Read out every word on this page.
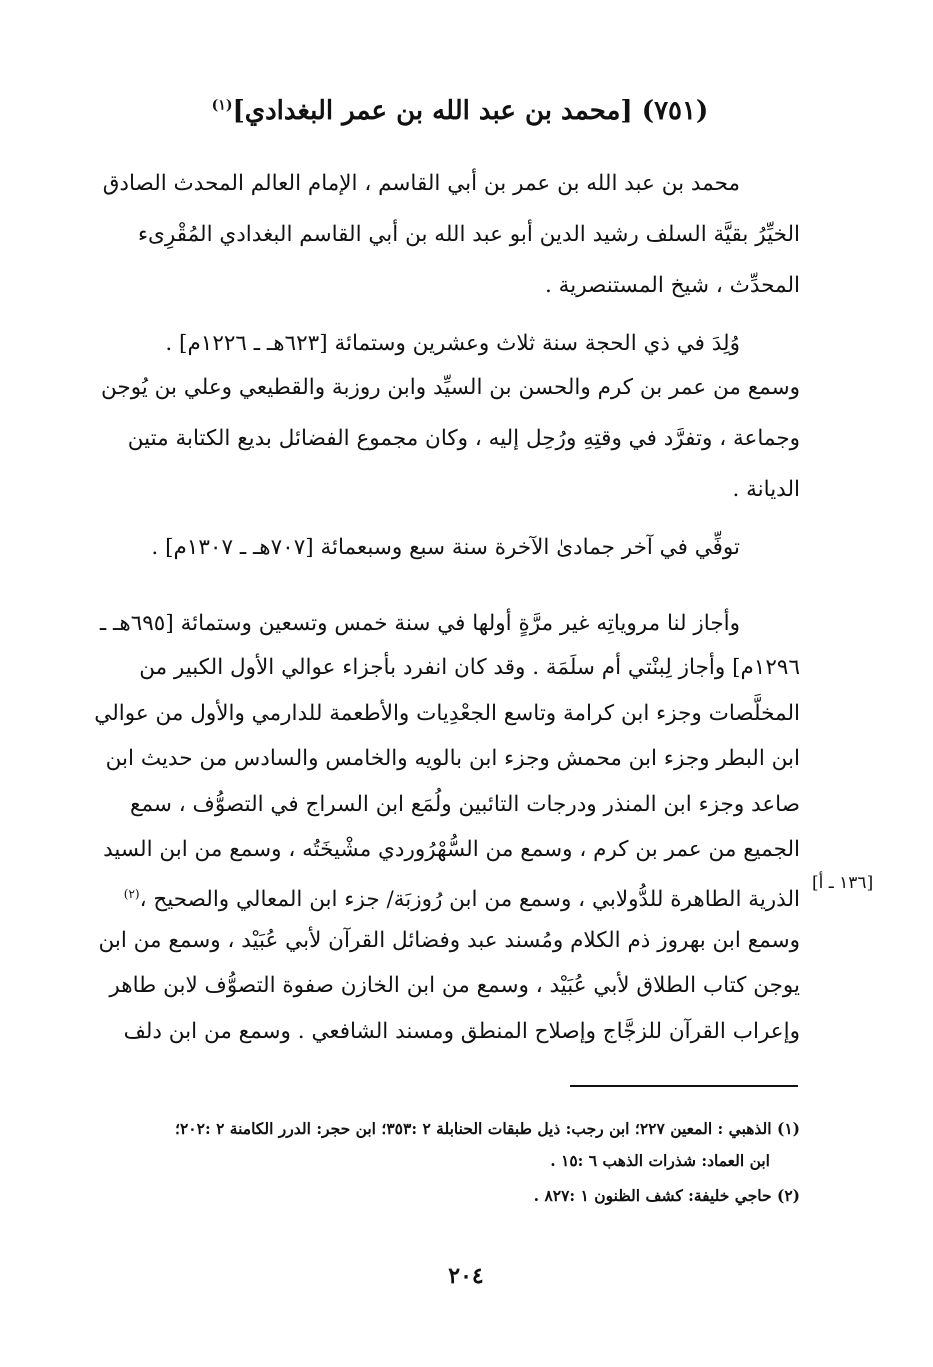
(٧٥١) [محمد بن عبد الله بن عمر البغدادي]$^{(١)}$
محمد بن عبد الله بن عمر بن أبي القاسم ، الإمام العالم المحدث الصادق
الخيِّرُ بقيَّة السلف رشيد الدين أبو عبد الله بن أبي القاسم البغدادي المُقْرِىء
المحدِّث ، شيخ المستنصرية .
وُلِدَ في ذي الحجة سنة ثلاث وعشرين وستمائة [٦٢٣هـ ـ ١٢٢٦م] .
وسمع من عمر بن كرم والحسن بن السيِّد وابن روزبة والقطيعي وعلي بن يُوجن
وجماعة ، وتفرَّد في وقتِهِ ورُحِل إليه ، وكان مجموع الفضائل بديع الكتابة متين
الديانة .
توفِّي في آخر جمادىٰ الآخرة سنة سبع وسبعمائة [٧٠٧هـ ـ ١٣٠٧م] .
وأجاز لنا مروياتِه غير مرَّةٍ أولها في سنة خمس وتسعين وستمائة [٦٩٥هـ ـ
١٢٩٦م] وأجاز لِبنْتي أم سلَمَة . وقد كان انفرد بأجزاء عوالي الأول الكبير من
المخلَّصات وجزء ابن كرامة وتاسع الجعْدِيات والأطعمة للدارمي والأول من عوالي
ابن البطر وجزء ابن محمش وجزء ابن بالويه والخامس والسادس من حديث ابن
صاعد وجزء ابن المنذر ودرجات التائبين ولُمَع ابن السراج في التصوُّف ، سمع
الجميع من عمر بن كرم ، وسمع من السُّهْرُوردي مشْيخَتُه ، وسمع من ابن السيد
الذرية الطاهرة للدُّولابي ، وسمع من ابن رُوزبَة/ جزء ابن المعالي والصحيح ،$^{(٢)}$
وسمع ابن بهروز ذم الكلام ومُسند عبد وفضائل القرآن لأبي عُبَيْد ، وسمع من ابن
يوجن كتاب الطلاق لأبي عُبَيْد ، وسمع من ابن الخازن صفوة التصوُّف لابن طاهر
وإعراب القرآن للزجَّاج وإصلاح المنطق ومسند الشافعي . وسمع من ابن دلف
[١٣٦ ـ أ]
(١) الذهبي : المعين ٢٢٧؛ ابن رجب: ذيل طبقات الحنابلة ٢ :٣٥٣؛ ابن حجر: الدرر الكامنة ٢ :٢٠٢؛
ابن العماد: شذرات الذهب ٦ :١٥ .
(٢) حاجي خليفة: كشف الظنون ١ :٨٢٧ .
٢٠٤
